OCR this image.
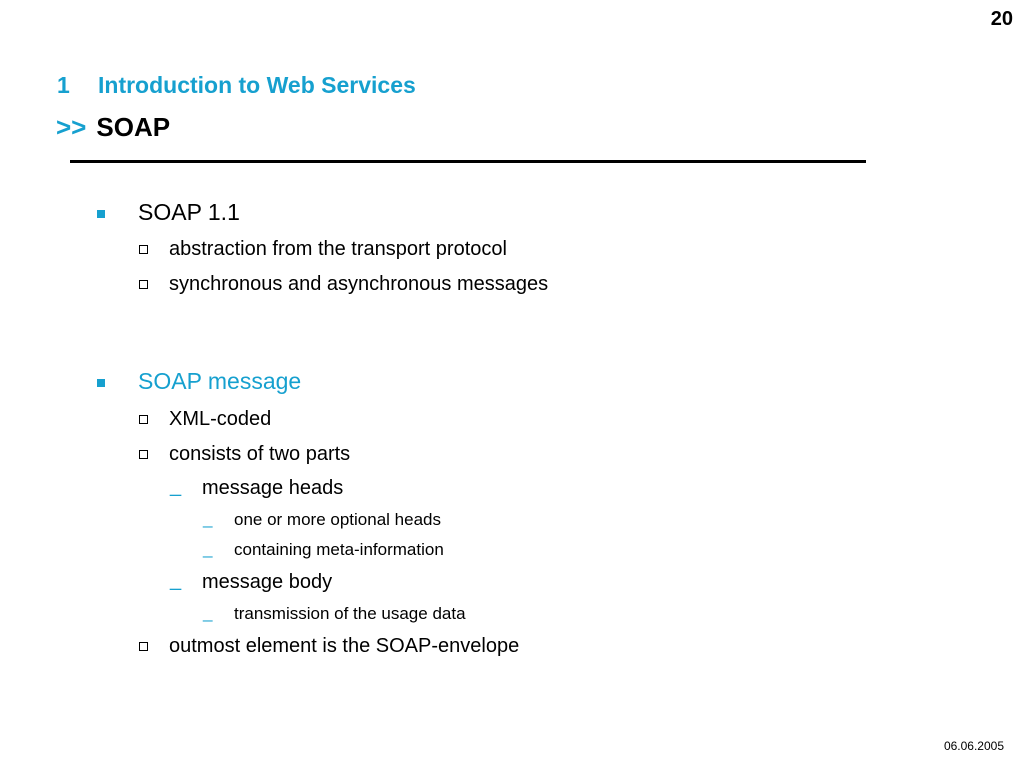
20
1 Introduction to Web Services
>> SOAP
SOAP 1.1
abstraction from the transport protocol
synchronous and asynchronous messages
SOAP message
XML-coded
consists of two parts
_ message heads
_ one or more optional heads
_ containing meta-information
_ message body
_ transmission of the usage data
outmost element is the SOAP-envelope
06.06.2005
